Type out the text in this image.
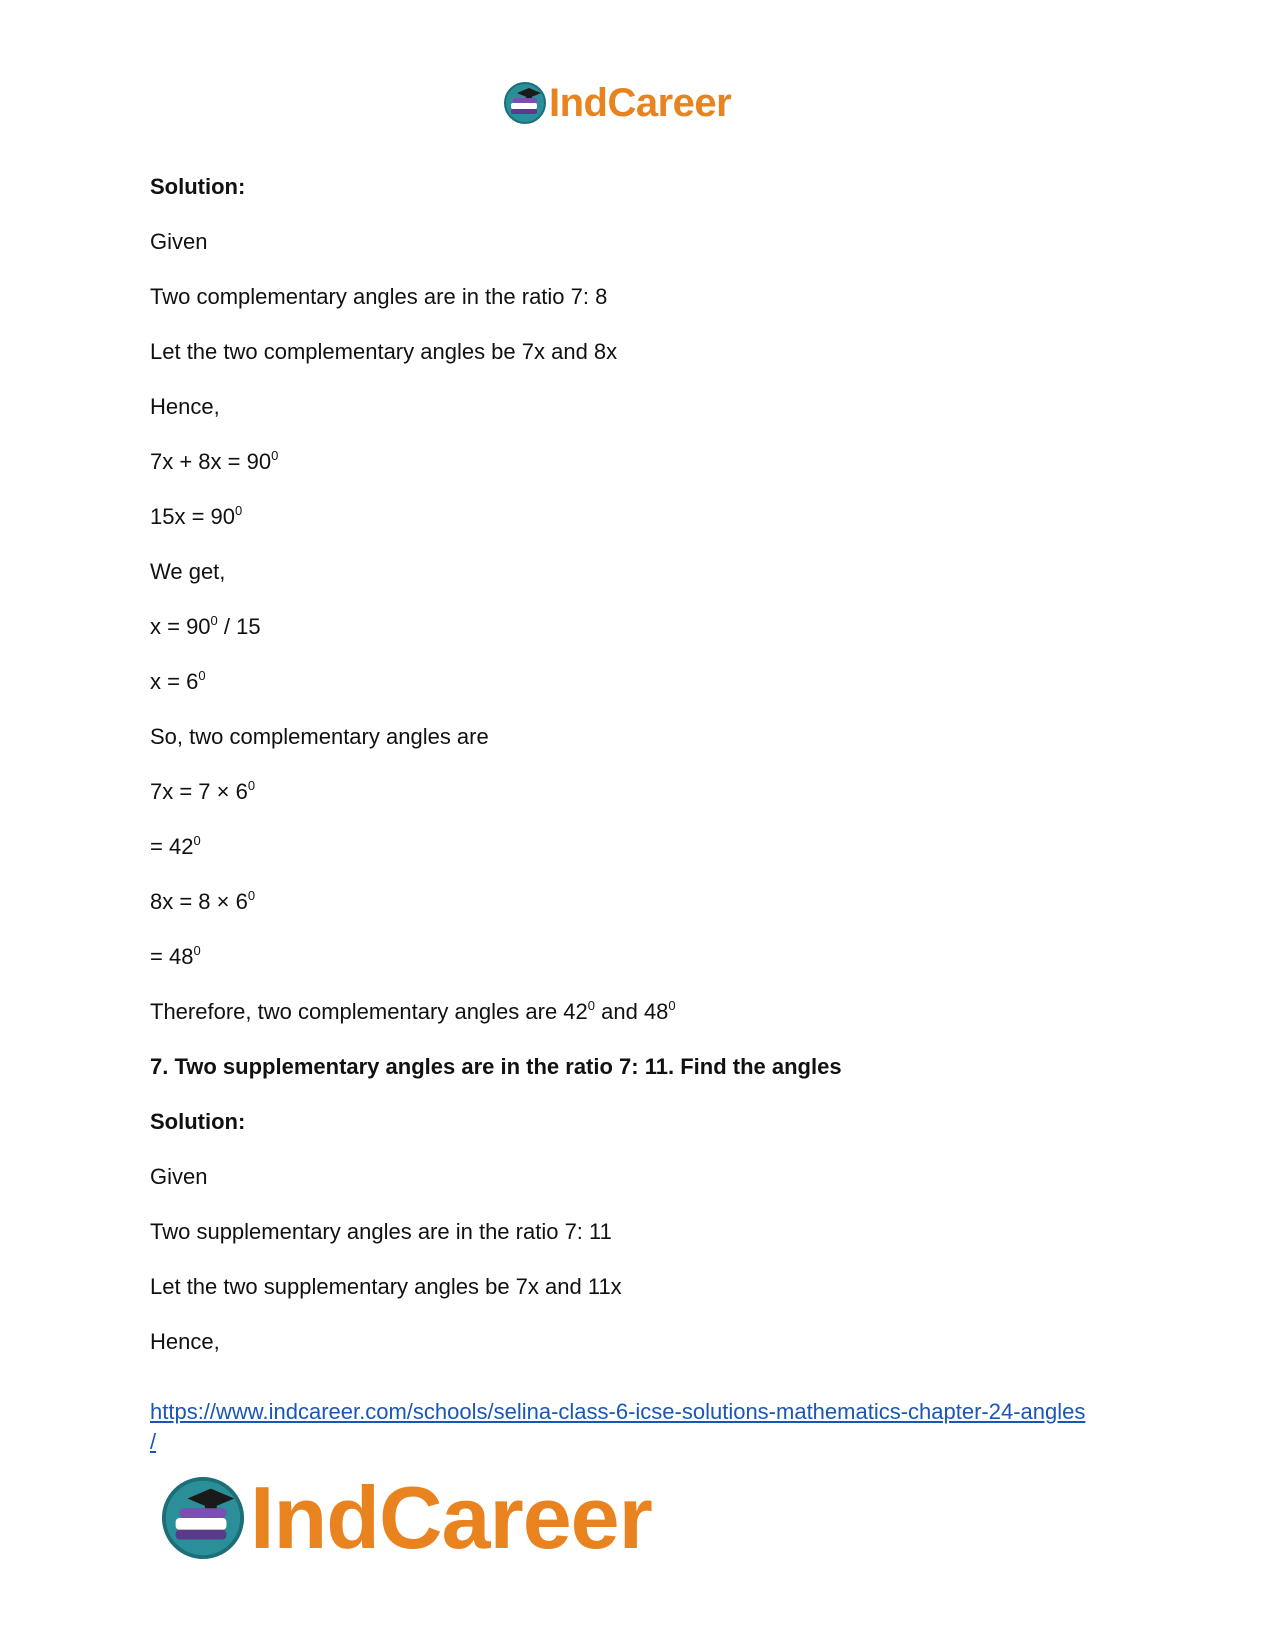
IndCareer
Solution:
Given
Two complementary angles are in the ratio 7: 8
Let the two complementary angles be 7x and 8x
Hence,
$7x + 8x = 90^0$
$15x = 90^0$
We get,
$x = 90^0 / 15$
$x = 6^0$
So, two complementary angles are
$7x = 7 \times 6^0$
= $42^0$
$8x = 8 \times 6^0$
= $48^0$
Therefore, two complementary angles are $42^0$ and $48^0$
7. Two supplementary angles are in the ratio 7: 11. Find the angles
Solution:
Given
Two supplementary angles are in the ratio 7: 11
Let the two supplementary angles be 7x and 11x
Hence,
https://www.indcareer.com/schools/selina-class-6-icse-solutions-mathematics-chapter-24-angles
/
IndCareer
